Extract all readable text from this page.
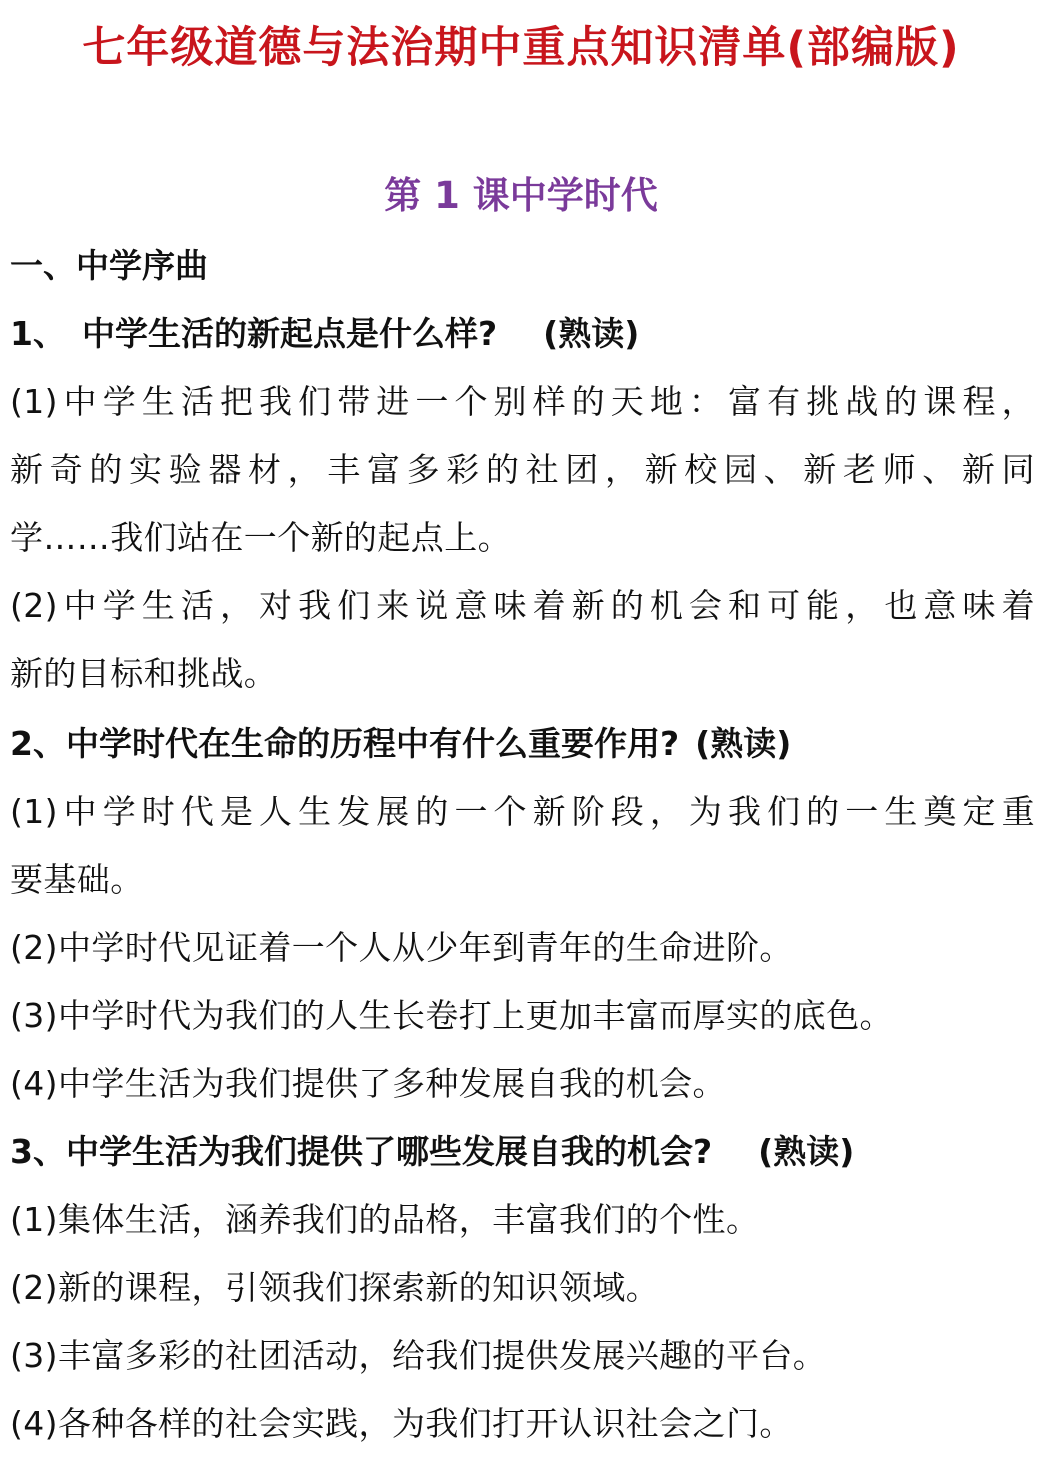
七年级道德与法治期中重点知识清单(部编版)
第 1 课中学时代
一、中学序曲
1、 中学生活的新起点是什么样? (熟读)
(1)中学生活把我们带进一个别样的天地：富有挑战的课程，
新奇的实验器材，丰富多彩的社团，新校园、新老师、新同
学……我们站在一个新的起点上。
(2)中学生活，对我们来说意味着新的机会和可能，也意味着
新的目标和挑战。
2、中学时代在生命的历程中有什么重要作用? (熟读)
(1)中学时代是人生发展的一个新阶段，为我们的一生奠定重
要基础。
(2)中学时代见证着一个人从少年到青年的生命进阶。
(3)中学时代为我们的人生长卷打上更加丰富而厚实的底色。
(4)中学生活为我们提供了多种发展自我的机会。
3、中学生活为我们提供了哪些发展自我的机会? (熟读)
(1)集体生活，涵养我们的品格，丰富我们的个性。
(2)新的课程，引领我们探索新的知识领域。
(3)丰富多彩的社团活动，给我们提供发展兴趣的平台。
(4)各种各样的社会实践，为我们打开认识社会之门。
